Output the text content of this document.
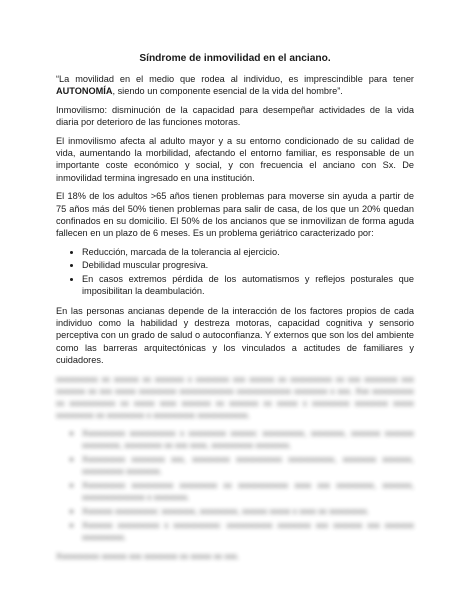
Síndrome de inmovilidad en el anciano.

“La movilidad en el medio que rodea al individuo, es imprescindible para tener AUTONOMÍA, siendo un componente esencial de la vida del hombre”.

Inmovilismo: disminución de la capacidad para desempeñar actividades de la vida diaria por deterioro de las funciones motoras.

El inmovilismo afecta al adulto mayor y a su entorno condicionado de su calidad de vida, aumentando la morbilidad, afectando el entorno familiar, es responsable de un importante coste económico y social, y con frecuencia el anciano con Sx. De inmovilidad termina ingresado en una institución.

El 18% de los adultos >65 años tienen problemas para moverse sin ayuda a partir de 75 años más del 50% tienen problemas para salir de casa, de los que un 20% quedan confinados en su domicilio. El 50% de los ancianos que se inmovilizan de forma aguda fallecen en un plazo de 6 meses. Es un problema geriátrico caracterizado por:

• Reducción, marcada de la tolerancia al ejercicio.
• Debilidad muscular progresiva.
• En casos extremos pérdida de los automatismos y reflejos posturales que imposibilitan la deambulación.

En las personas ancianas depende de la interacción de los factores propios de cada individuo como la habilidad y destreza motoras, capacidad cognitiva y sensorio perceptiva con un grado de salud o autoconfianza. Y externos que son los del ambiente como las barreras arquitectónicas y los vinculados a actitudes de familiares y cuidadores.

xxxxxxxxxx xx xxxxxx xx xxxxxxx x xxxxxxxx xxx xxxxxx xx xxxxxxxxxx xx xxx xxxxxxxx xxx xxxxxxx xx xxx xxxxx xxxxxxxxx xxxxxxxxxxxxx xxxxxxxxxxxxx xxxxxxxx x xxx. Xxx xxxxxxxxxx xx xxxxxxxxxxx xx xxxxx xxxx xxxxxxx xx xxxxxxx xx xxxxx x xxxxxxxxx xxxxxxxx xxxxx xxxxxxxxx xx xxxxxxxxx x xxxxxxxxxx xxxxxxxxxxxx.

• Xxxxxxxxxx xxxxxxxxxxx x xxxxxxxxx xxxxxx: xxxxxxxxxx, xxxxxxxx, xxxxxxx xxxxxxx xxxxxxxxx, xxxxxxxxx xx xxx xxxx, xxxxxxxxxx xxxxxxxx.
• Xxxxxxxxxx xxxxxxxx xxx, xxxxxxxxx xxxxxxxxxxx xxxxxxxxxxx, xxxxxxxx xxxxxxx, xxxxxxxxxx xxxxxxxx.
• Xxxxxxxxxx xxxxxxxxxx xxxxxxxxx xx xxxxxxxxxxxx xxxx xxx xxxxxxxxx, xxxxxxx, xxxxxxxxxxxxxxx x xxxxxxxx.
• Xxxxxxx xxxxxxxxxx: xxxxxxxx, xxxxxxxxx, xxxxxx xxxxx x xxxx xx xxxxxxxxx.
• Xxxxxxx xxxxxxxxxx x xxxxxxxxxxx: xxxxxxxxxxx xxxxxxxx xxx xxxxxxx xxx xxxxxxx xxxxxxxxxx.

Xxxxxxxxxx xxxxxx xxx xxxxxxxx xx xxxxx xx xxx.
